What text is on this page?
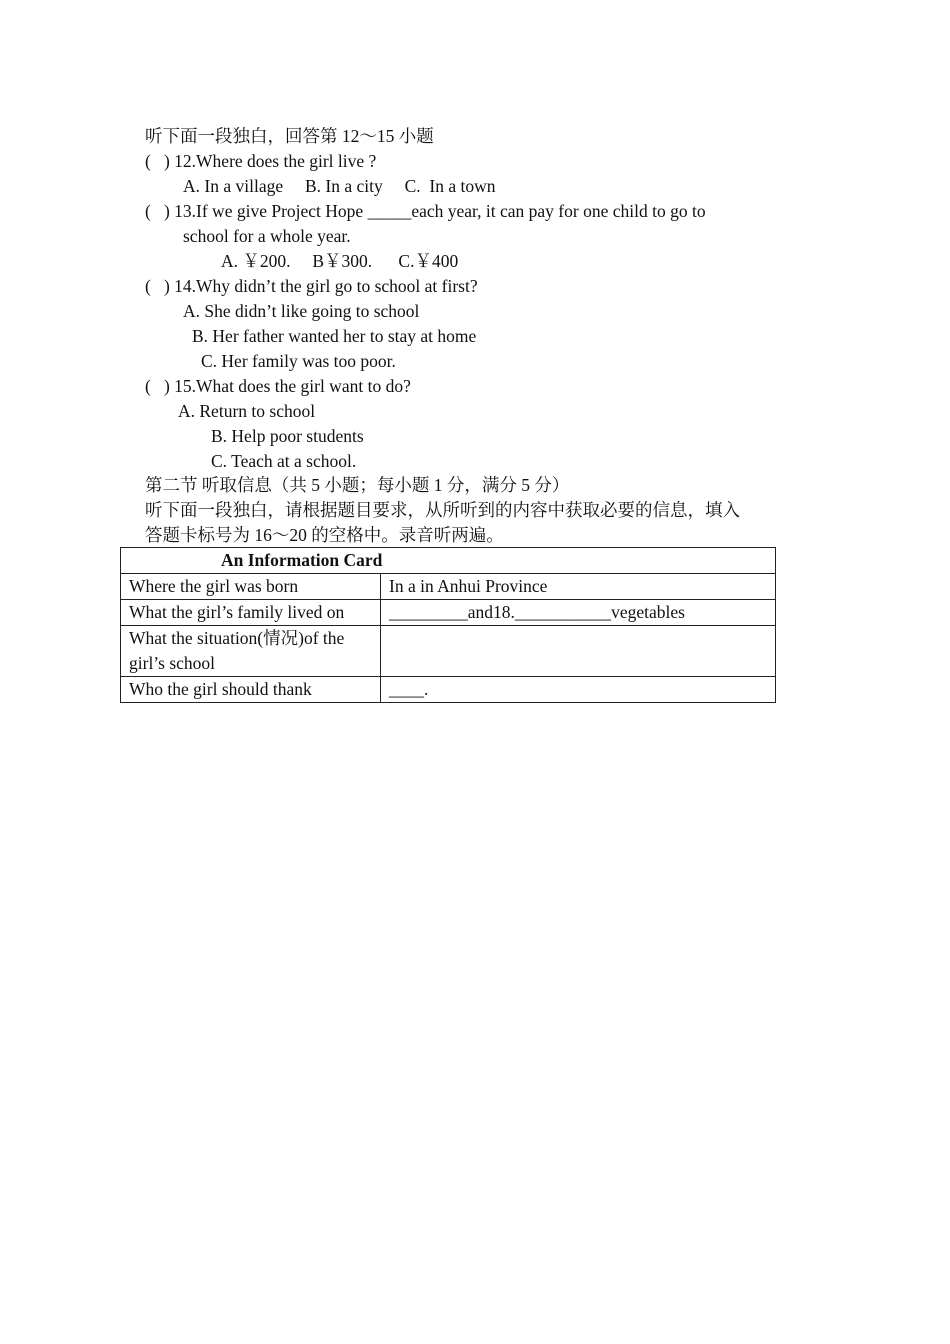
听下面一段独白，回答第 12～15 小题
(   ) 12.Where does the girl live ?
A. In a village     B. In a city     C.  In a town
(   ) 13.If we give Project Hope _____each year, it can pay for one child to go to
school for a whole year.
A. ￥200.     B￥300.      C.￥400
(   ) 14.Why didn’t the girl go to school at first?
A. She didn’t like going to school
B. Her father wanted her to stay at home
C. Her family was too poor.
(   ) 15.What does the girl want to do?
A. Return to school
B. Help poor students
C. Teach at a school.
第二节 听取信息（共 5 小题；每小题 1 分，满分 5 分）
听下面一段独白，请根据题目要求，从所听到的内容中获取必要的信息，填入
答题卡标号为 16～20 的空格中。录音听两遍。
An Information Card	
Where the girl was born	In a in Anhui Province
What the girl’s family lived on	_________and18.___________vegetables
What the situation(情况)of the girl’s school	
Who the girl should thank	____.
